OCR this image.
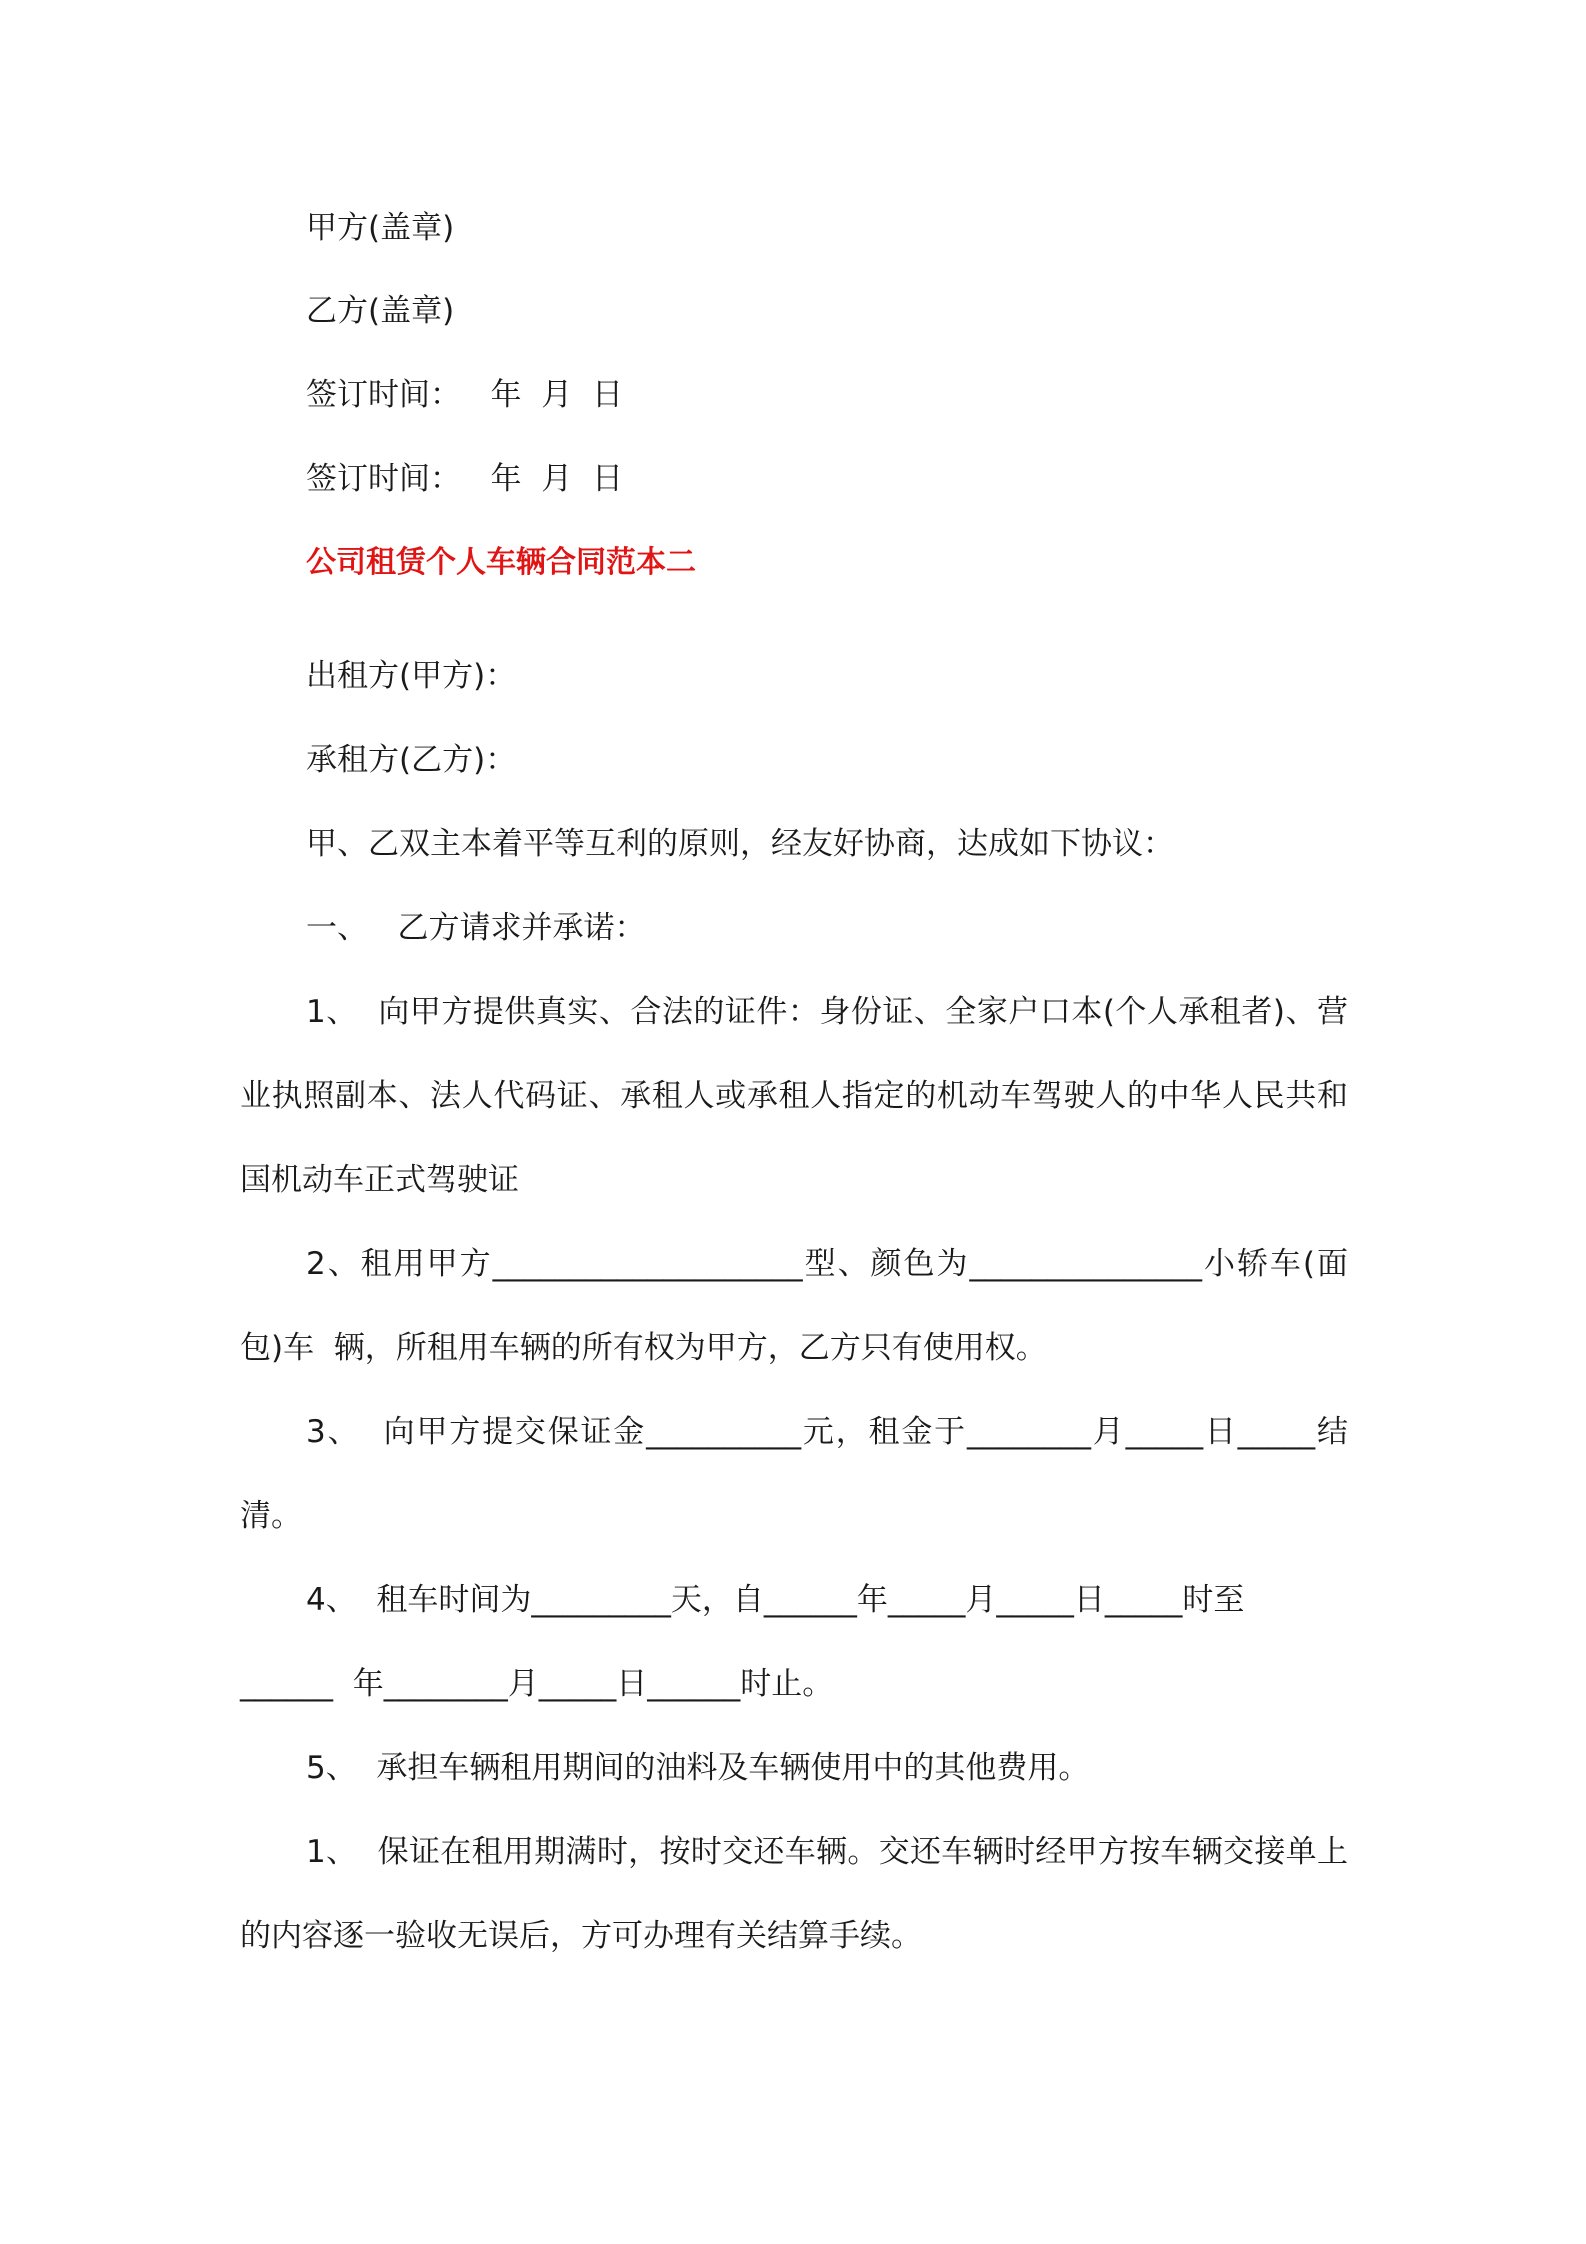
甲方(盖章)
乙方(盖章)
签订时间：   年  月  日
签订时间：   年  月  日
公司租赁个人车辆合同范本二
出租方(甲方)：
承租方(乙方)：
甲、乙双主本着平等互利的原则，经友好协商，达成如下协议：
一、   乙方请求并承诺：
1、  向甲方提供真实、合法的证件：身份证、全家户口本(个人承租者)、营
业执照副本、法人代码证、承租人或承租人指定的机动车驾驶人的中华人民共和
国机动车正式驾驶证
2、租用甲方____________________型、颜色为_______________小轿车(面
包)车  辆，所租用车辆的所有权为甲方，乙方只有使用权。
3、  向甲方提交保证金__________元，租金于________月_____日_____结
清。
4、  租车时间为_________天，自______年_____月_____日_____时至
______  年________月_____日______时止。
5、  承担车辆租用期间的油料及车辆使用中的其他费用。
1、  保证在租用期满时，按时交还车辆。交还车辆时经甲方按车辆交接单上
的内容逐一验收无误后，方可办理有关结算手续。
